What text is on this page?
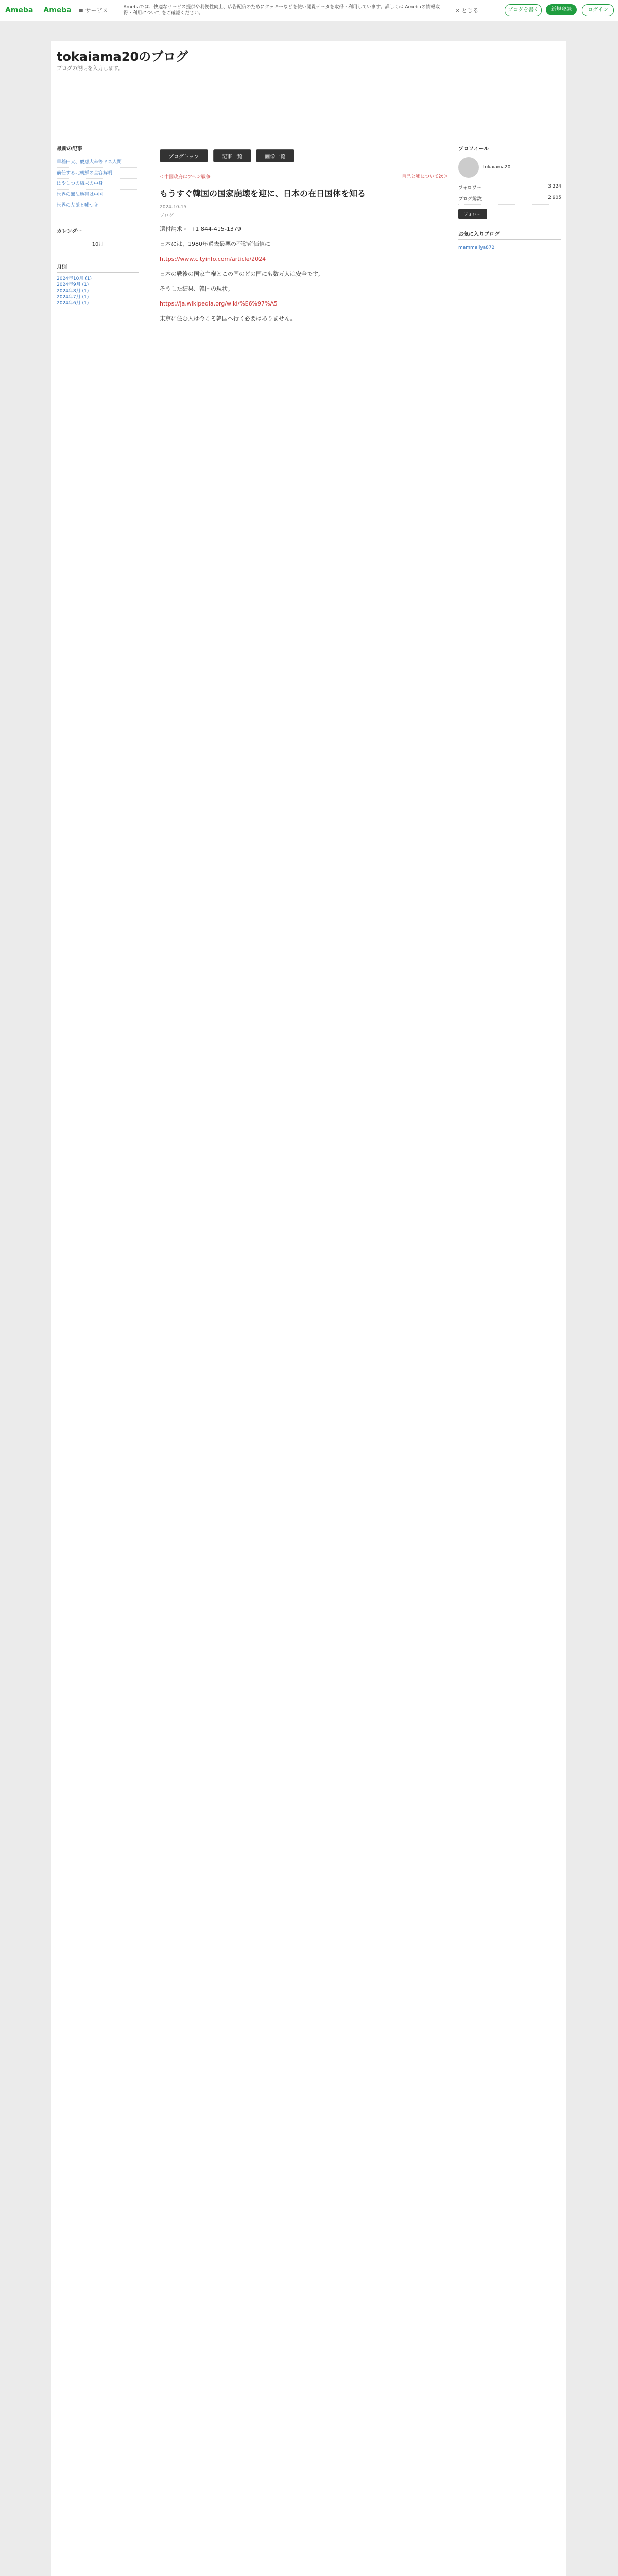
Ameba Ameba ≡ サービス	Amebaでは、快適なサービス提供や利便性向上、広告配信のためにクッキーなどを使い閲覧データを取得・利用しています。詳しくは Amebaの情報取得・利用について をご確認ください。	× とじる	ブログを書く	新規登録	ログイン
tokaiama20のブログ
ブログの説明を入力します。
最新の記事
早稲田大、慶應大卒等ドス人間
前任する北朝鮮の全容解明
はや１つの結末の中身
世界の無法地帯は中国
世界の左派と嘘つき
カレンダー
10月
月別
2024年10月 (1)
2024年9月 (1)
2024年8月 (1)
2024年7月 (1)
2024年6月 (1)
ブログトップ	記事一覧	画像一覧
＜中国政府はアヘン戦争	自己と嘘について次＞
もうすぐ韓国の国家崩壊を迎に、日本の在日国体を知る
2024-10-15
ブログ

還付請求 ← +1 844-415-1379

日本には、1980年過去最悪の不動産価値に

https://www.cityinfo.com/article/2024

日本の戦後の国家主権とこの国のどの国にも数万人は安全です。

そうした結果、韓国の現状。

https://ja.wikipedia.org/wiki/%E6%97%A5

東京に住む人は今こそ韓国へ行く必要はありません。

プロフィール
tokaiama20
フォロワー	3,224
ブログ総数	2,905
フォロー
お気に入りブログ
mammaliya872
